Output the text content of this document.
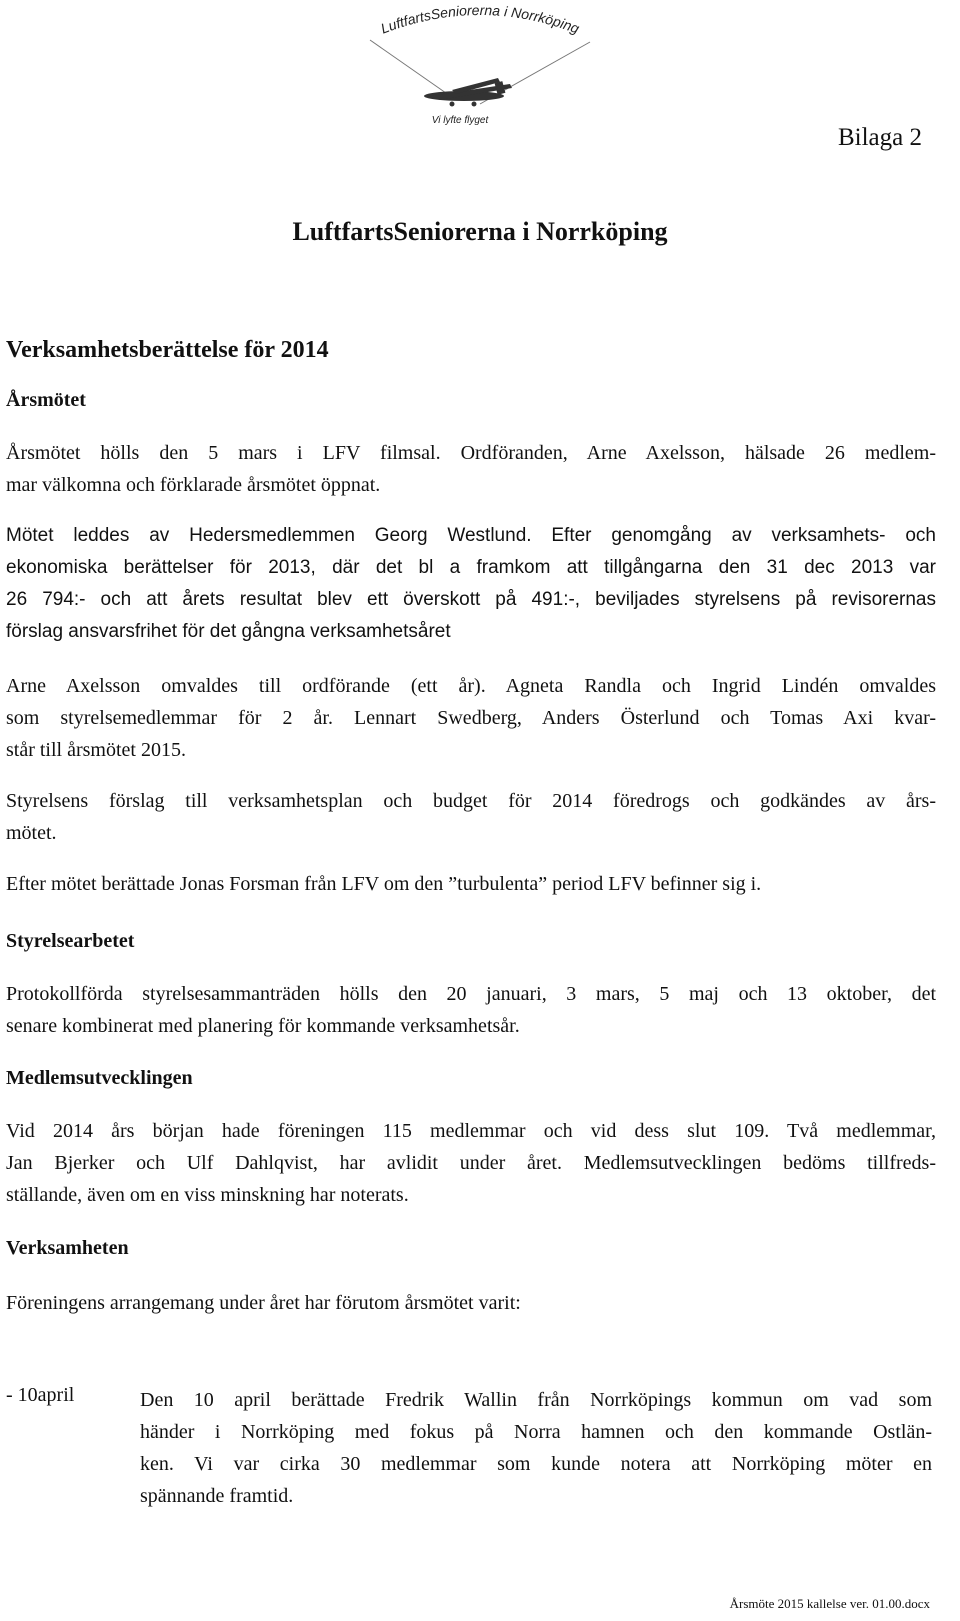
LuftfartsSeniorerna i Norrköping
Vi lyfte flyget
Bilaga 2
LuftfartsSeniorerna i Norrköping
Verksamhetsberättelse för 2014
Årsmötet
Årsmötet hölls den 5 mars i LFV filmsal. Ordföranden, Arne Axelsson, hälsade 26 medlem-
mar välkomna och förklarade årsmötet öppnat.
Mötet leddes av Hedersmedlemmen Georg Westlund. Efter genomgång av verksamhets- och
ekonomiska berättelser för 2013, där det bl a framkom att tillgångarna den 31 dec 2013 var
26 794:- och att årets resultat blev ett överskott på 491:-, beviljades styrelsens på revisorernas
förslag ansvarsfrihet för det gångna verksamhetsåret
Arne Axelsson omvaldes till ordförande (ett år). Agneta Randla och Ingrid Lindén omvaldes
som styrelsemedlemmar för 2 år. Lennart Swedberg, Anders Österlund och Tomas Axi kvar-
står till årsmötet 2015.
Styrelsens förslag till verksamhetsplan och budget för 2014 föredrogs och godkändes av års-
mötet.
Efter mötet berättade Jonas Forsman från LFV om den ”turbulenta” period LFV befinner sig i.
Styrelsearbetet
Protokollförda styrelsesammanträden hölls den 20 januari, 3 mars, 5 maj och 13 oktober, det
senare kombinerat med planering för kommande verksamhetsår.
Medlemsutvecklingen
Vid 2014 års början hade föreningen 115 medlemmar och vid dess slut 109. Två medlemmar,
Jan Bjerker och Ulf Dahlqvist, har avlidit under året. Medlemsutvecklingen bedöms tillfreds-
ställande, även om en viss minskning har noterats.
Verksamheten
Föreningens arrangemang under året har förutom årsmötet varit:
- 10april	Den 10 april berättade Fredrik Wallin från Norrköpings kommun om vad som
händer i Norrköping med fokus på Norra hamnen och den kommande Ostlän-
ken. Vi var cirka 30 medlemmar som kunde notera att Norrköping möter en
spännande framtid.
Årsmöte 2015 kallelse ver. 01.00.docx
